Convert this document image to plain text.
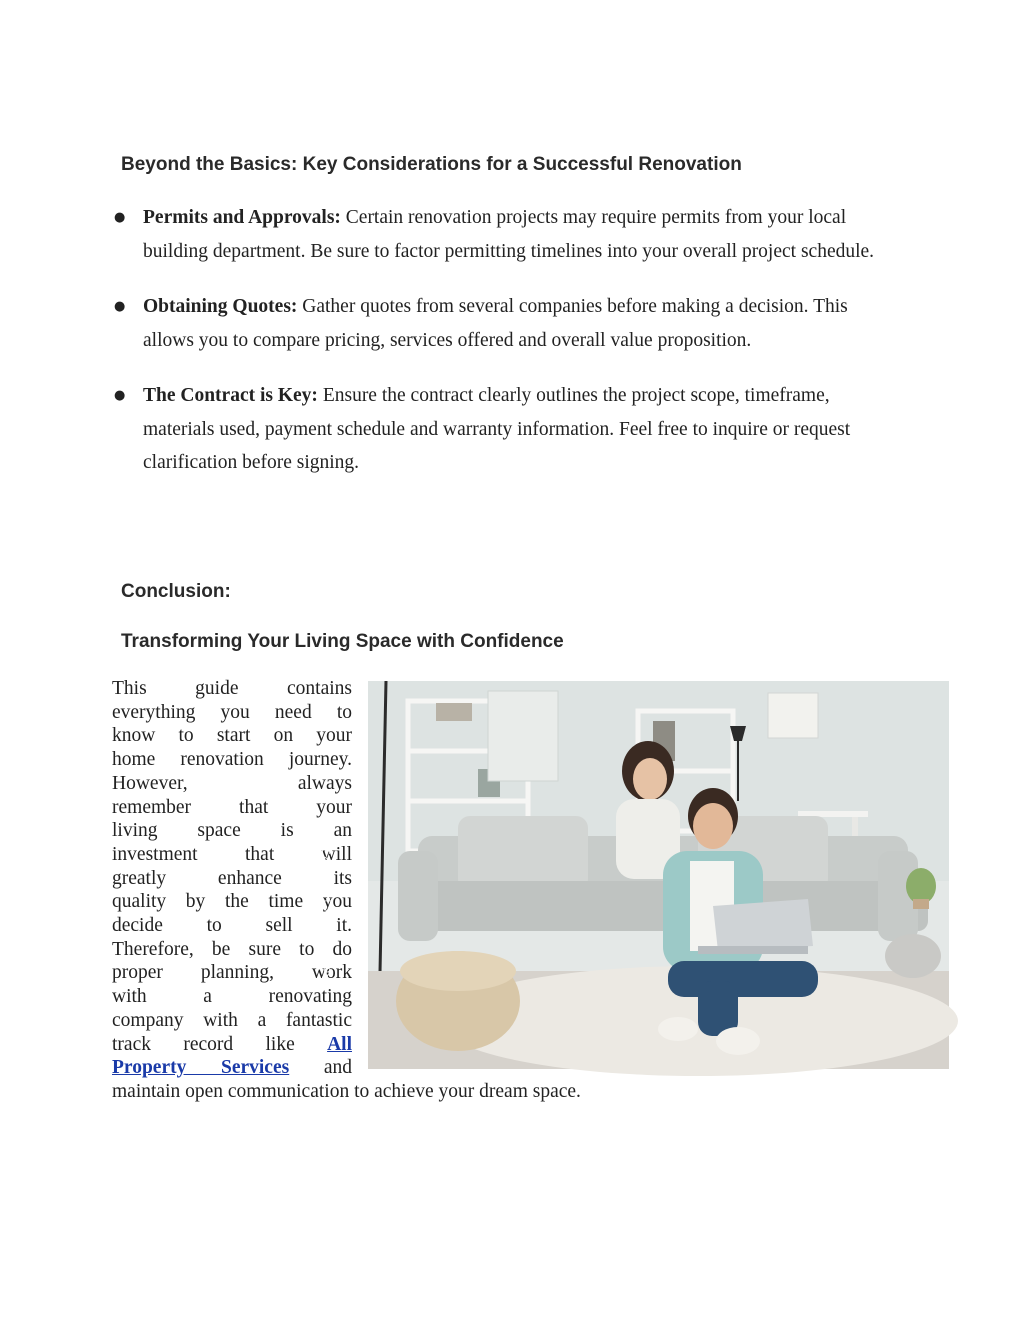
Beyond the Basics: Key Considerations for a Successful Renovation
● Permits and Approvals: Certain renovation projects may require permits from your local building department. Be sure to factor permitting timelines into your overall project schedule.
● Obtaining Quotes: Gather quotes from several companies before making a decision. This allows you to compare pricing, services offered and overall value proposition.
● The Contract is Key: Ensure the contract clearly outlines the project scope, timeframe, materials used, payment schedule and warranty information. Feel free to inquire or request clarification before signing.
Conclusion:
Transforming Your Living Space with Confidence
This guide contains
everything you need to
know to start on your
home renovation journey.
However, always
remember that your
living space is an
investment that will
greatly enhance its
quality by the time you
decide to sell it.
Therefore, be sure to do
proper planning, work
with a renovating
company with a fantastic
track record like All
Property Services and
maintain open communication to achieve your dream space.
Adobe Stock | #392232720
